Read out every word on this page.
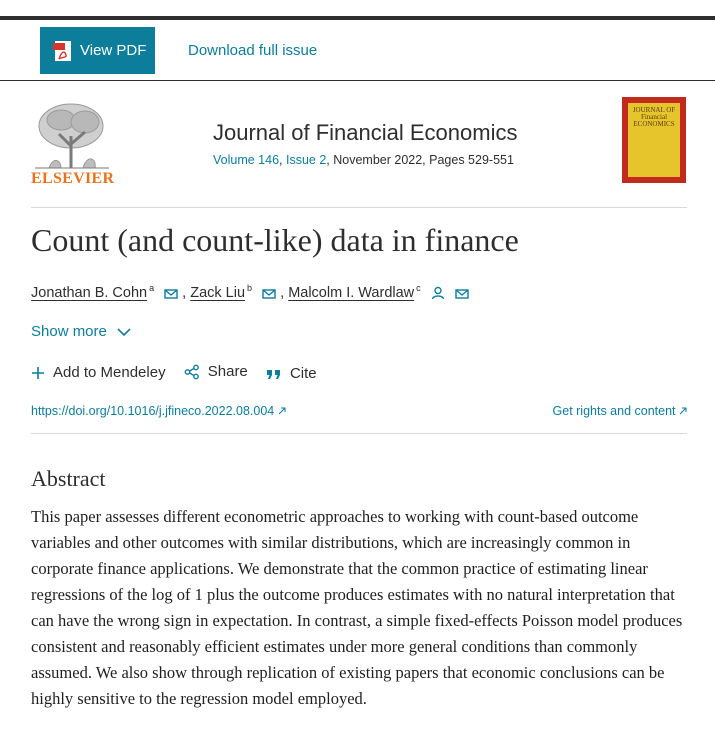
View PDF	Download full issue
ELSEVIER
Journal of Financial Economics
Volume 146, Issue 2, November 2022, Pages 529-551
JOURNAL OF Financial ECONOMICS
Count (and count-like) data in finance
Jonathan B. Cohn $^a$ , Zack Liu $^b$ , Malcolm I. Wardlaw $^c$
Show more
Add to Mendeley
	Share
	Cite
https://doi.org/10.1016/j.jfineco.2022.08.004	Get rights and content
Abstract

This paper assesses different econometric approaches to working with count-based outcome variables and other outcomes with similar distributions, which are increasingly common in corporate finance applications. We demonstrate that the common practice of estimating linear regressions of the log of 1 plus the outcome produces estimates with no natural interpretation that can have the wrong sign in expectation. In contrast, a simple fixed-effects Poisson model produces consistent and reasonably efficient estimates under more general conditions than commonly assumed. We also show through replication of existing papers that economic conclusions can be highly sensitive to the regression model employed.
